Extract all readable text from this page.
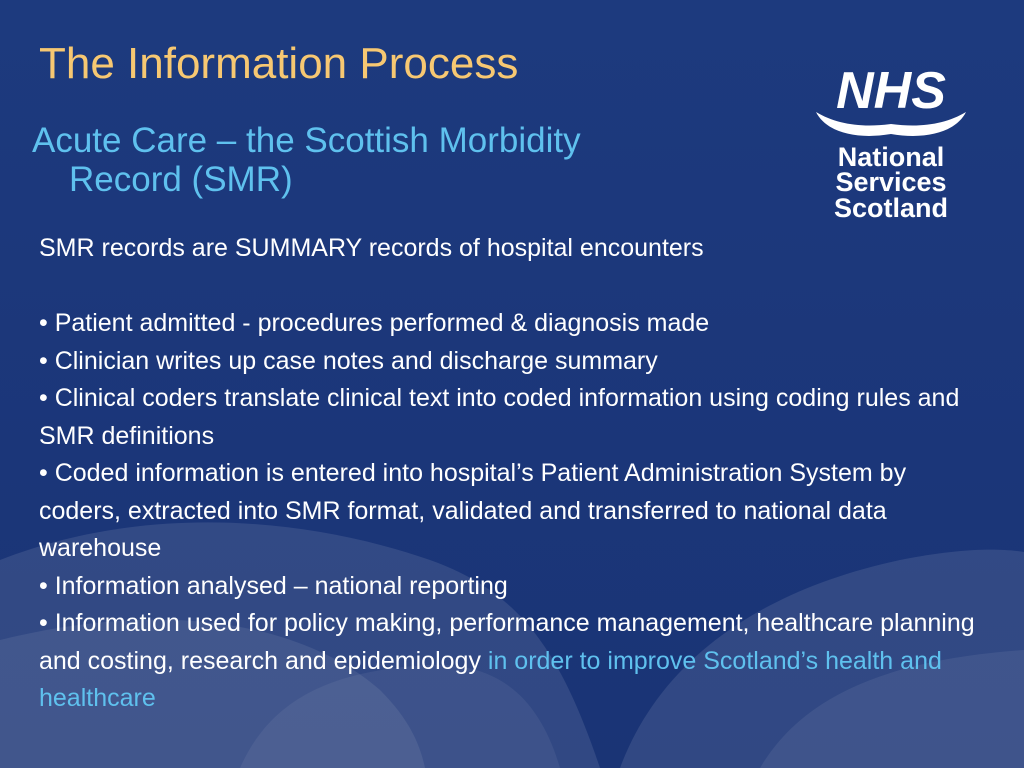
The Information Process
Acute Care – the Scottish Morbidity
Record (SMR)
NHS
National
Services
Scotland

SMR records are SUMMARY records of hospital encounters

• Patient admitted - procedures performed & diagnosis made

• Clinician writes up case notes and discharge summary

• Clinical coders translate clinical text into coded information using coding rules and SMR definitions

• Coded information is entered into hospital’s Patient Administration System by coders, extracted into SMR format, validated and transferred to national data warehouse

• Information analysed – national reporting

• Information used for policy making, performance management, healthcare planning and costing, research and epidemiology in order to improve Scotland’s health and healthcare
